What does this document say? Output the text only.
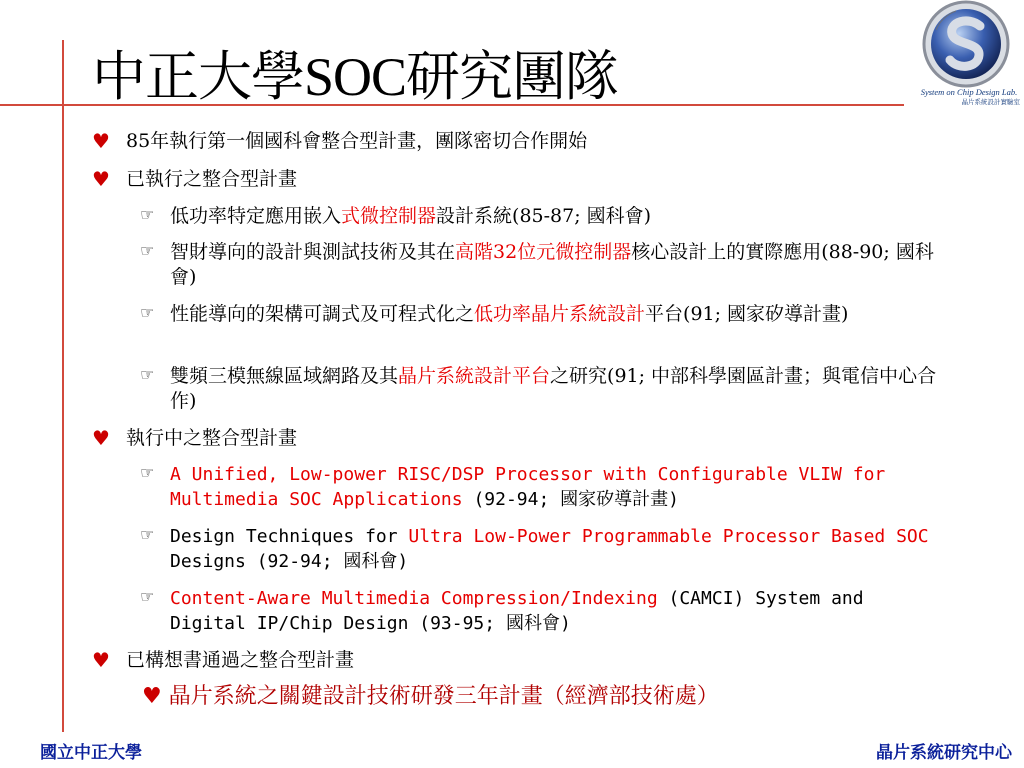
中正大學SOC研究團隊	System on Chip Design Lab.
晶片系統設計實驗室
♥ 85年執行第一個國科會整合型計畫，團隊密切合作開始
♥ 已執行之整合型計畫
☞ 低功率特定應用嵌入式微控制器設計系統(85-87; 國科會)
☞ 智財導向的設計與測試技術及其在高階32位元微控制器核心設計上的實際應用(88-90; 國科會)
☞ 性能導向的架構可調式及可程式化之低功率晶片系統設計平台(91; 國家矽導計畫)
☞ 雙頻三模無線區域網路及其晶片系統設計平台之研究(91; 中部科學園區計畫；與電信中心合作)
♥ 執行中之整合型計畫
☞ A Unified, Low-power RISC/DSP Processor with Configurable VLIW for Multimedia SOC Applications (92-94; 國家矽導計畫)
☞ Design Techniques for Ultra Low-Power Programmable Processor Based SOC Designs (92-94; 國科會)
☞ Content-Aware Multimedia Compression/Indexing (CAMCI) System and Digital IP/Chip Design (93-95; 國科會)
♥ 已構想書通過之整合型計畫
♥ 晶片系統之關鍵設計技術研發三年計畫（經濟部技術處）
國立中正大學	晶片系統研究中心
